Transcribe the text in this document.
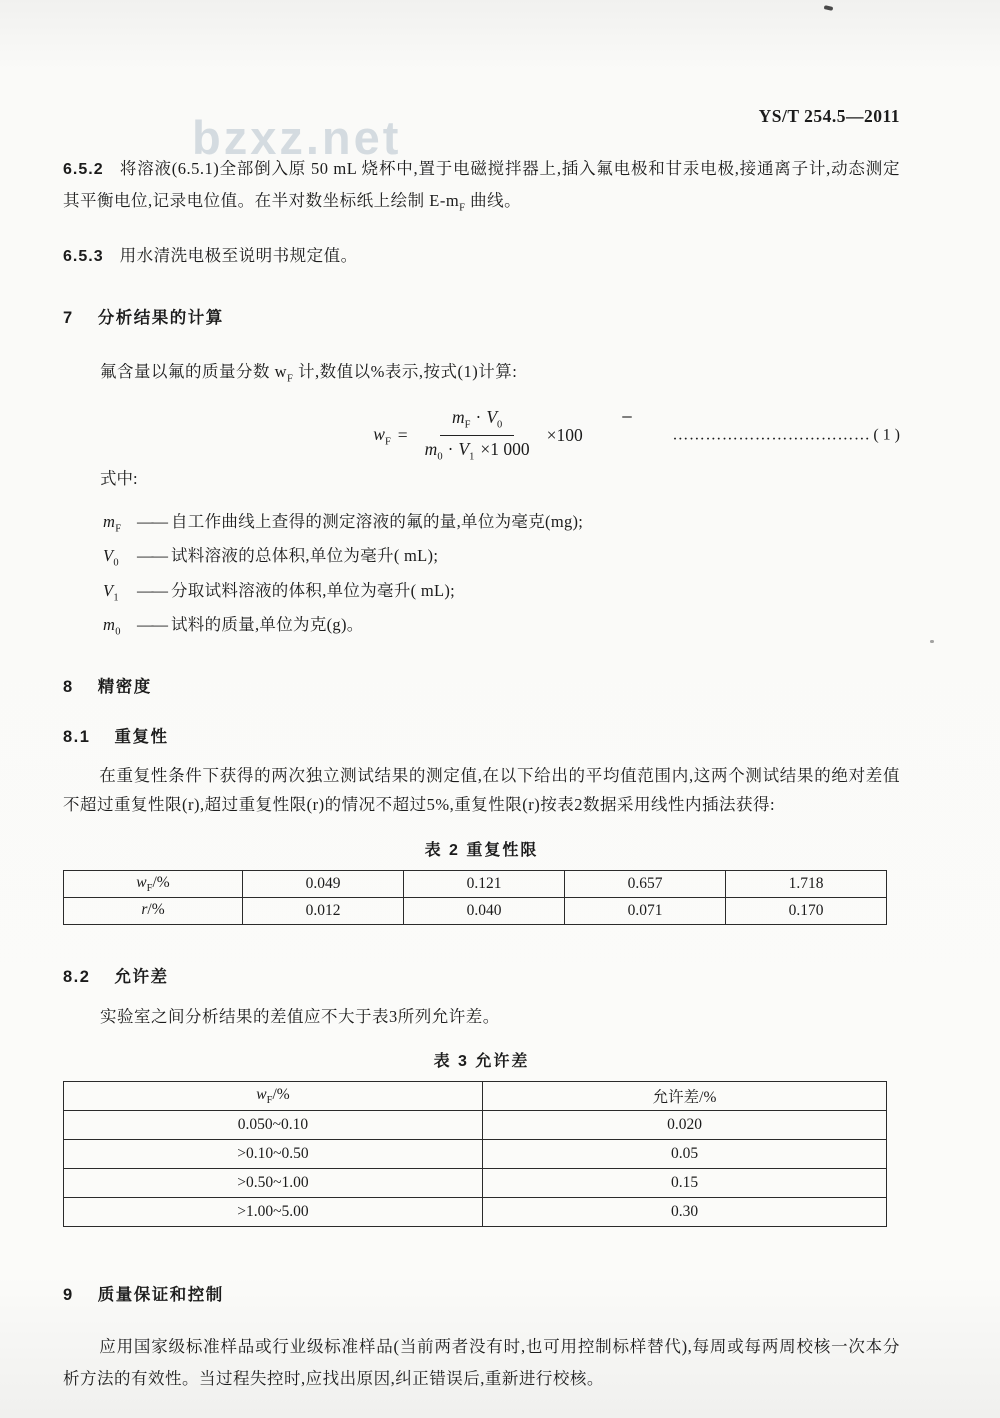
bzxz.net	YS/T 254.5—2011

6.5.2 将溶液(6.5.1)全部倒入原 50 mL 烧杯中,置于电磁搅拌器上,插入氟电极和甘汞电极,接通离子计,动态测定其平衡电位,记录电位值。在半对数坐标纸上绘制 $E-m_F$ 曲线。

6.5.3 用水清洗电极至说明书规定值。

7 分析结果的计算

氟含量以氟的质量分数 $w_F$ 计,数值以%表示,按式(1)计算:

$w_F = \frac{m_F \cdot V_0}{m_0 \cdot V_1 \times 1 000} \times 100$	……………………………… ( 1 )

式中:

$m_F$ —— 自工作曲线上查得的测定溶液的氟的量,单位为毫克(mg);
$V_0$	—— 试料溶液的总体积,单位为毫升( mL);
$V_1$	—— 分取试料溶液的体积,单位为毫升( mL);
$m_0$ —— 试料的质量,单位为克(g)。
8 精密度
8.1 重复性

在重复性条件下获得的两次独立测试结果的测定值,在以下给出的平均值范围内,这两个测试结果的绝对差值不超过重复性限(r),超过重复性限(r)的情况不超过5%,重复性限(r)按表2数据采用线性内插法获得:

表 2 重复性限
$w_F/\%$	0.049	0.121	0.657	1.718
r/%	0.012	0.040	0.071	0.170
8.2 允许差

实验室之间分析结果的差值应不大于表3所列允许差。

表 3 允许差
$w_F/\%$	允许差/%
0.050~0.10	0.020
>0.10~0.50	0.05
>0.50~1.00	0.15
>1.00~5.00	0.30
9 质量保证和控制

应用国家级标准样品或行业级标准样品(当前两者没有时,也可用控制标样替代),每周或每两周校核一次本分析方法的有效性。当过程失控时,应找出原因,纠正错误后,重新进行校核。
